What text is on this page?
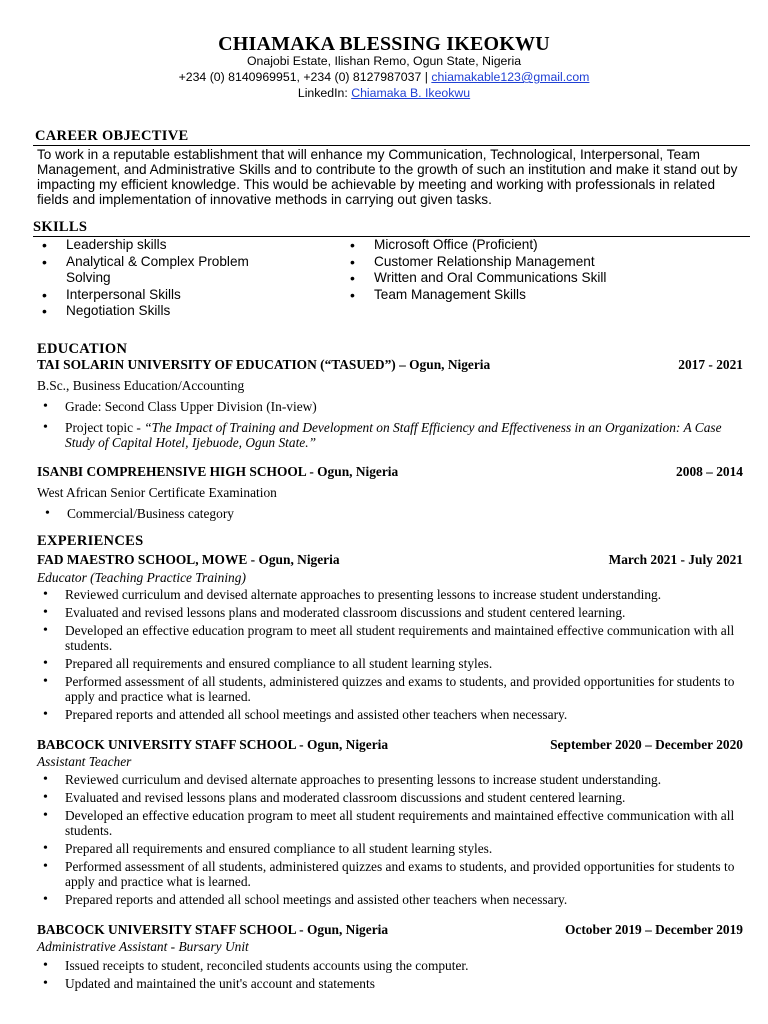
CHIAMAKA BLESSING IKEOKWU
Onajobi Estate, Ilishan Remo, Ogun State, Nigeria
+234 (0) 8140969951, +234 (0) 8127987037 | chiamakable123@gmail.com
LinkedIn: Chiamaka B. Ikeokwu
CAREER OBJECTIVE
To work in a reputable establishment that will enhance my Communication, Technological, Interpersonal, Team Management, and Administrative Skills and to contribute to the growth of such an institution and make it stand out by impacting my efficient knowledge. This would be achievable by meeting and working with professionals in related fields and implementation of innovative methods in carrying out given tasks.
SKILLS
• Leadership skills
• Analytical & Complex Problem Solving
• Interpersonal Skills
• Negotiation Skills
• Microsoft Office (Proficient)
• Customer Relationship Management
• Written and Oral Communications Skill
• Team Management Skills
EDUCATION
TAI SOLARIN UNIVERSITY OF EDUCATION (“TASUED”) – Ogun, Nigeria	2017 - 2021
B.Sc., Business Education/Accounting
• Grade: Second Class Upper Division (In-view)
• Project topic - “The Impact of Training and Development on Staff Efficiency and Effectiveness in an Organization: A Case Study of Capital Hotel, Ijebuode, Ogun State.”
ISANBI COMPREHENSIVE HIGH SCHOOL - Ogun, Nigeria	2008 – 2014
West African Senior Certificate Examination
• Commercial/Business category
EXPERIENCES
FAD MAESTRO SCHOOL, MOWE - Ogun, Nigeria	March 2021 - July 2021
Educator (Teaching Practice Training)
• Reviewed curriculum and devised alternate approaches to presenting lessons to increase student understanding.
• Evaluated and revised lessons plans and moderated classroom discussions and student centered learning.
• Developed an effective education program to meet all student requirements and maintained effective communication with all students.
• Prepared all requirements and ensured compliance to all student learning styles.
• Performed assessment of all students, administered quizzes and exams to students, and provided opportunities for students to apply and practice what is learned.
• Prepared reports and attended all school meetings and assisted other teachers when necessary.
BABCOCK UNIVERSITY STAFF SCHOOL - Ogun, Nigeria	September 2020 – December 2020
Assistant Teacher
• Reviewed curriculum and devised alternate approaches to presenting lessons to increase student understanding.
• Evaluated and revised lessons plans and moderated classroom discussions and student centered learning.
• Developed an effective education program to meet all student requirements and maintained effective communication with all students.
• Prepared all requirements and ensured compliance to all student learning styles.
• Performed assessment of all students, administered quizzes and exams to students, and provided opportunities for students to apply and practice what is learned.
• Prepared reports and attended all school meetings and assisted other teachers when necessary.
BABCOCK UNIVERSITY STAFF SCHOOL - Ogun, Nigeria	October 2019 – December 2019
Administrative Assistant - Bursary Unit
• Issued receipts to student, reconciled students accounts using the computer.
• Updated and maintained the unit's account and statements
